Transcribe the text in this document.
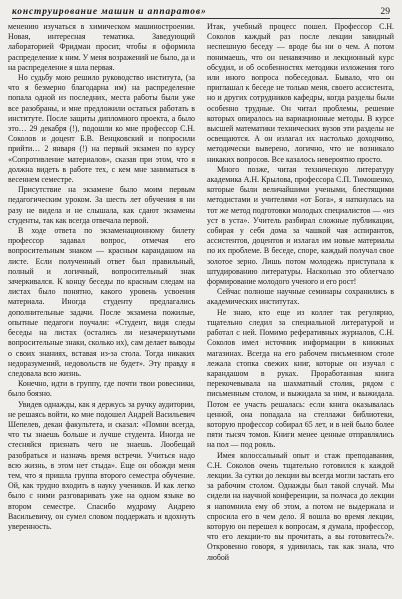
конструирование машин и аппаратов»	29

менению изучаться в химическом машиностроении. Новая, интересная тематика. Заведующий лабораторией Фридман просит, чтобы я оформила распределение к ним. У меня возражений не было, да и на распределение я шла первая.

Но судьбу мою решило руководство института, (за что я безмерно благодарна им) на распределение попала одной из последних, места работы были уже все разобраны, и мне предложили остаться работать в институте. После защиты дипломного проекта, а было это… 29 декабря (!), подошли ко мне профессор С.Н. Соколов и доцент Б.В. Венцковский и попросили прийти… 2 января (!) на первый экзамен по курсу «Сопротивление материалов», сказав при этом, что я должна видеть в работе тех, с кем мне заниматься в весеннем семестре.

Присутствие на экзамене было моим первым педагогическим уроком. За шесть лет обучения я ни разу не видела и не слышала, как сдают экзамены студенты, так как всегда отвечала первой.

В ходе ответа по экзаменационному билету профессор задавал вопрос, отмечая его вопросительным знаком — красным карандашом на листе. Если полученный ответ был правильный, полный и логичный, вопросительный знак зачеркивался. К концу беседы по красным следам на листах было понятно, какого уровень усвоения материала. Иногда студенту предлагались дополнительные задачи. После экзамена пожилые, опытные педагоги поучали: «Студент, видя следы беседы на листах (остались ли незачеркнутыми вопросительные знаки, сколько их), сам делает выводы о своих знаниях, вставая из-за стола. Тогда никаких недоразумений, недовольств не будет». Эту правду я следовала всю жизнь.

Конечно, идти в группу, где почти твои ровесники, было боязно.

Увидев однажды, как я держусь за ручку аудитории, не решаясь войти, ко мне подошел Андрей Васильевич Шепелев, декан факультета, и сказал: «Помни всегда, что ты знаешь больше и лучше студента. Иногда не стесняйся признать чего не знаешь. Лообещай разобраться и назначь время встречи. Учиться надо всю жизнь, в этом нет стыда». Еще он обожди меня тем, что я пришла группа второго семестра обучение. Ой, как трудно входить в науку учеников. И как легко было с ними разговаривать уже на одном языке во втором семестре. Спасибо мудрому Андрею Васильевичу, он сумел словом поддержать и вдохнуть уверенность.

Итак, учебный процесс пошел. Профессор С.Н. Соколов каждый раз после лекции завидный неспешную беседу — вроде бы ни о чем. А потом понимаешь, что он ненавязчиво и лекционный курс обсудил, и об особенностях методики изложения того или иного вопроса побеседовал. Бывало, что он приглашал к беседе не только меня, своего ассистента, но и других сотрудников кафедры, когда разделы были особенно трудные. Он читал проблемы, решение которых опиралось на вариационные методы. В курсе высшей математики технических вузов эти разделы не освещаются. А он излагал их настолько доходчиво, методически выверено, логично, что не возникало никаких вопросов. Все казалось невероятно просто.

Много позже, читая техническую литературу академика А.Н. Крылова, профессора С.П. Тимошенко, которые были величайшими учеными, блестящими методистами и учителями «от Бога», я наткнулась на тот же метод подготовки молодых специалистов — «из уст в уста». Учитель разбирал сложные публикации, собирая у себя дома за чашкой чая аспирантов, ассистентов, доцентов и излагал им новые материалы по их проблеме. В беседе, споре, каждый получал свое золотое зерно. Лишь потом молодежь приступала к штудированию литературы. Насколько это облегчало формирование молодого ученого и его рост!

Сейчас полноше научные семинары сохранились в академических институтах.

Не знаю, кто еще из коллег так регулярно, тщательно следил за специальной литературой и работал с ней. Помимо реферативных журналов, С.Н. Соколов имел источник информации в книжных магазинах. Всегда на его рабочем письменном столе лежала стопка свежих книг, которые он изучал с карандашом в руках. Проработанная книга перекочевывала на шахматный столик, рядом с письменным столом, и выжидала за ним, и выжидала. Потом ее участь решалась: если книга оказывалась ценной, она попадала на стеллажи библиотеки, которую профессор собирал 65 лет, и в ней было более пяти тысяч томов. Книги менее ценные отправлялись на пол — под рояль.

Имея колоссальный опыт и стаж преподавания, С.Н. Соколов очень тщательно готовился к каждой лекции. За сутки до лекции вы всегда могли застать его за рабочим столом. Однажды был такой случай. Мы сидели на научной конференции, за полчаса до лекции я напомнила ему об этом, а потом не выдержала и спросила его в чем дело. Я вошла во время лекции, которую он перешел к вопросам, я думала, профессор, что его лекции-то вы прочитать, а вы готовитесь?». Откровенно говоря, я удивилась, так как знала, что любой
